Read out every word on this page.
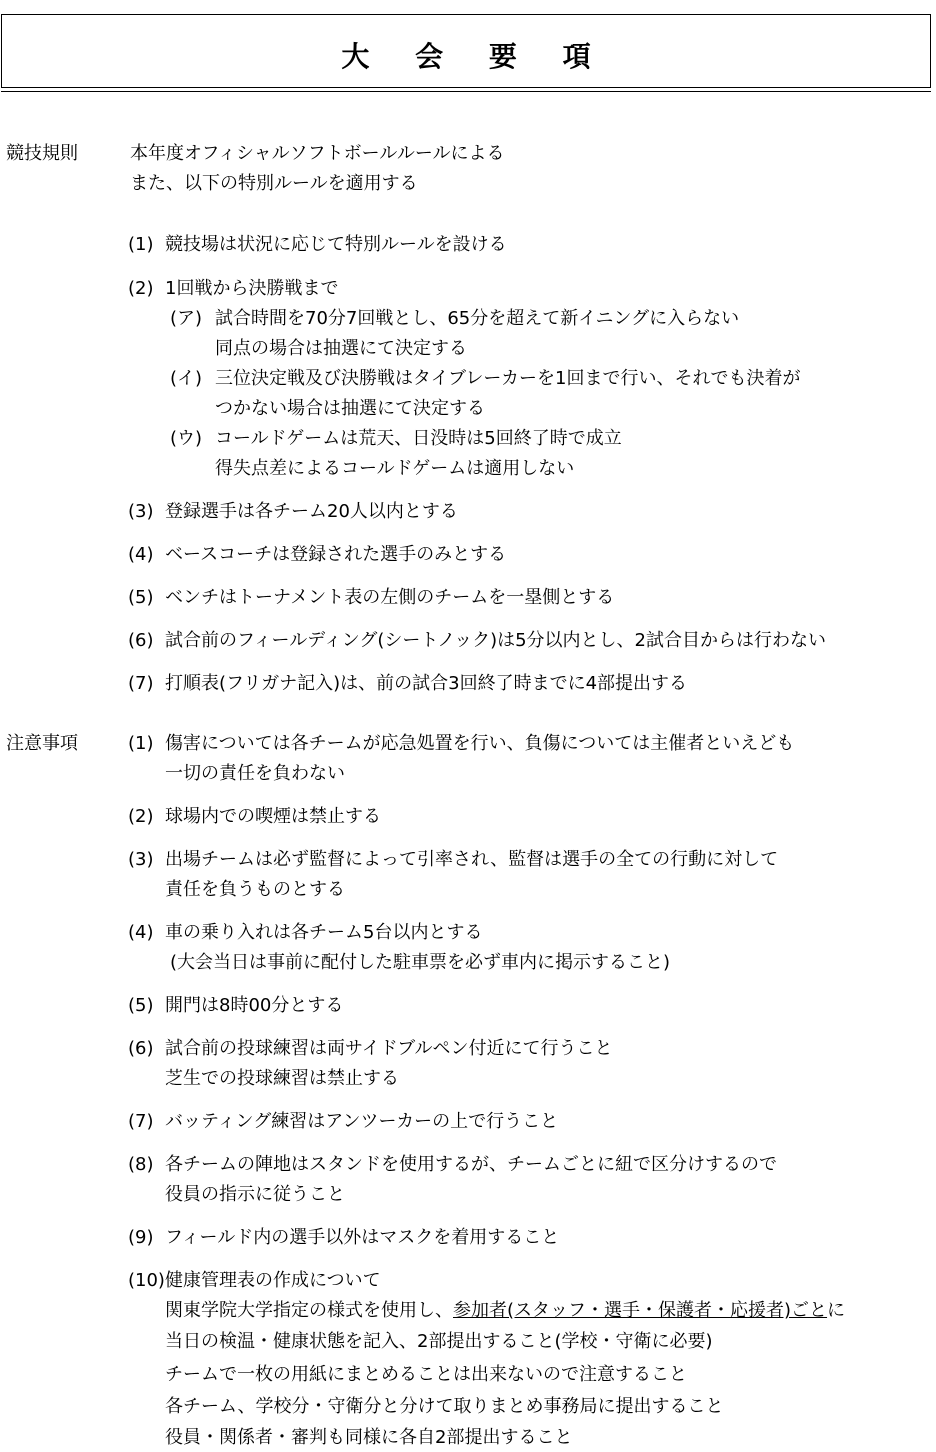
大 会 要 項
競技規則	本年度オフィシャルソフトボールルールによる
また、以下の特別ルールを適用する
(1) 競技場は状況に応じて特別ルールを設ける
(2) 1回戦から決勝戦まで
(ア) 試合時間を70分7回戦とし、65分を超えて新イニングに入らない
同点の場合は抽選にて決定する
(イ) 三位決定戦及び決勝戦はタイブレーカーを1回まで行い、それでも決着が
つかない場合は抽選にて決定する
(ウ) コールドゲームは荒天、日没時は5回終了時で成立
得失点差によるコールドゲームは適用しない
(3) 登録選手は各チーム20人以内とする
(4) ベースコーチは登録された選手のみとする
(5) ベンチはトーナメント表の左側のチームを一塁側とする
(6) 試合前のフィールディング(シートノック)は5分以内とし、2試合目からは行わない
(7) 打順表(フリガナ記入)は、前の試合3回終了時までに4部提出する
注意事項	(1) 傷害については各チームが応急処置を行い、負傷については主催者といえども
一切の責任を負わない
(2) 球場内での喫煙は禁止する
(3) 出場チームは必ず監督によって引率され、監督は選手の全ての行動に対して
責任を負うものとする
(4) 車の乗り入れは各チーム5台以内とする
(大会当日は事前に配付した駐車票を必ず車内に掲示すること)
(5) 開門は8時00分とする
(6) 試合前の投球練習は両サイドブルペン付近にて行うこと
芝生での投球練習は禁止する
(7) バッティング練習はアンツーカーの上で行うこと
(8) 各チームの陣地はスタンドを使用するが、チームごとに紐で区分けするので
役員の指示に従うこと
(9) フィールド内の選手以外はマスクを着用すること
(10) 健康管理表の作成について
関東学院大学指定の様式を使用し、参加者(スタッフ・選手・保護者・応援者)ごとに
当日の検温・健康状態を記入、2部提出すること(学校・守衛に必要)
チームで一枚の用紙にまとめることは出来ないので注意すること
各チーム、学校分・守衛分と分けて取りまとめ事務局に提出すること
役員・関係者・審判も同様に各自2部提出すること
